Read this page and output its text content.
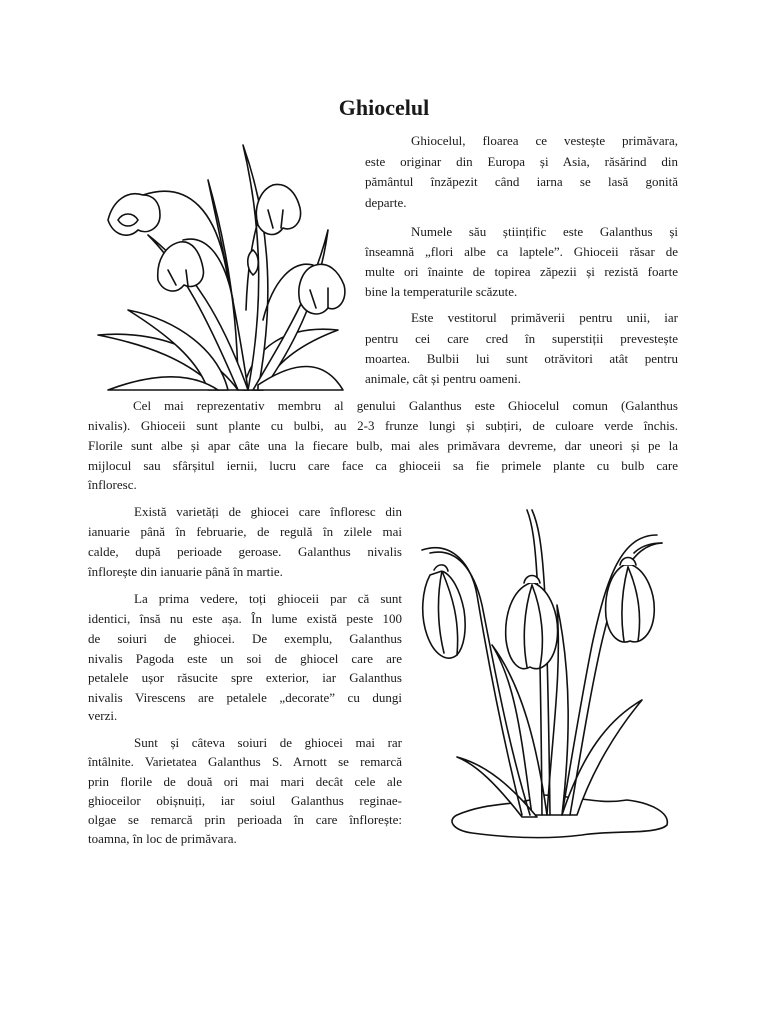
Ghiocelul
Ghiocelul, floarea ce vestește primăvara,
este originar din Europa și Asia, răsărind din
pământul înzăpezit când iarna se lasă gonită
departe.
Numele său științific este Galanthus și
înseamnă „flori albe ca laptele”. Ghioceii răsar de
multe ori înainte de topirea zăpezii și rezistă foarte
bine la temperaturile scăzute.
Este vestitorul primăverii pentru unii, iar
pentru cei care cred în superstiții prevestește
moartea. Bulbii lui sunt otrăvitori atât pentru
animale, cât și pentru oameni.
Cel mai reprezentativ membru al genului Galanthus este Ghiocelul comun (Galanthus
nivalis). Ghioceii sunt plante cu bulbi, au 2-3 frunze lungi și subțiri, de culoare verde închis.
Florile sunt albe și apar câte una la fiecare bulb, mai ales primăvara devreme, dar uneori și pe la
mijlocul sau sfârșitul iernii, lucru care face ca ghioceii sa fie primele plante cu bulb care
înfloresc.
Există varietăți de ghiocei care înfloresc din
ianuarie până în februarie, de regulă în zilele mai
calde, după perioade geroase. Galanthus nivalis
înflorește din ianuarie până în martie.
La prima vedere, toți ghioceii par că sunt
identici, însă nu este așa. În lume există peste 100
de soiuri de ghiocei. De exemplu, Galanthus
nivalis Pagoda este un soi de ghiocel care are
petalele ușor răsucite spre exterior, iar Galanthus
nivalis Virescens are petalele „decorate” cu dungi
verzi.
Sunt și câteva soiuri de ghiocei mai rar
întâlnite. Varietatea Galanthus S. Arnott se remarcă
prin florile de două ori mai mari decât cele ale
ghioceilor obișnuiți, iar soiul Galanthus reginae-
olgae se remarcă prin perioada în care înflorește:
toamna, în loc de primăvara.
